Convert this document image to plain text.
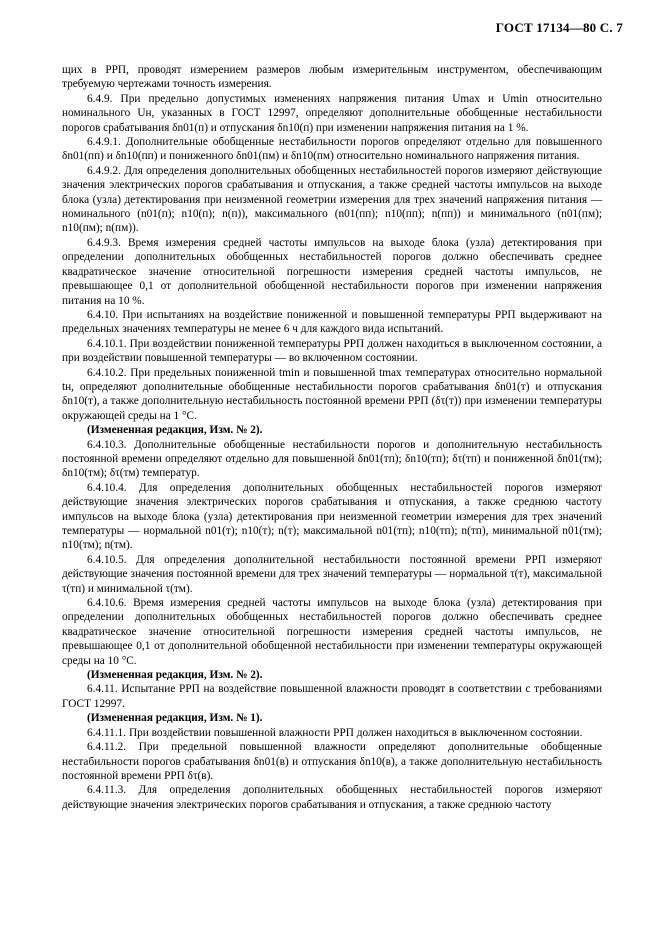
ГОСТ 17134—80 С. 7

щих в РРП, проводят измерением размеров любым измерительным инструментом, обеспечивающим требуемую чертежами точность измерения.

6.4.9. При предельно допустимых изменениях напряжения питания Umax и Umin относительно номинального Uн, указанных в ГОСТ 12997, определяют дополнительные обобщенные нестабильности порогов срабатывания δn01(п) и отпускания δn10(п) при изменении напряжения питания на 1 %.

6.4.9.1. Дополнительные обобщенные нестабильности порогов определяют отдельно для повышенного δn01(пп) и δn10(пп) и пониженного δn01(пм) и δn10(пм) относительно номинального напряжения питания.

6.4.9.2. Для определения дополнительных обобщенных нестабильностей порогов измеряют действующие значения электрических порогов срабатывания и отпускания, а также средней частоты импульсов на выходе блока (узла) детектирования при неизменной геометрии измерения для трех значений напряжения питания — номинального (n01(п); n10(п); n(п)), максимального (n01(пп); n10(пп); n(пп)) и минимального (n01(пм); n10(пм); n(пм)).

6.4.9.3. Время измерения средней частоты импульсов на выходе блока (узла) детектирования при определении дополнительных обобщенных нестабильностей порогов должно обеспечивать среднее квадратическое значение относительной погрешности измерения средней частоты импульсов, не превышающее 0,1 от дополнительной обобщенной нестабильности порогов при изменении напряжения питания на 10 %.

6.4.10. При испытаниях на воздействие пониженной и повышенной температуры РРП выдерживают на предельных значениях температуры не менее 6 ч для каждого вида испытаний.

6.4.10.1. При воздействии пониженной температуры РРП должен находиться в выключенном состоянии, а при воздействии повышенной температуры — во включенном состоянии.

6.4.10.2. При предельных пониженной tmin и повышенной tmax температурах относительно нормальной tн, определяют дополнительные обобщенные нестабильности порогов срабатывания δn01(т) и отпускания δn10(т), а также дополнительную нестабильность постоянной времени РРП (δτ(т)) при изменении температуры окружающей среды на 1 °С.

(Измененная редакция, Изм. № 2).

6.4.10.3. Дополнительные обобщенные нестабильности порогов и дополнительную нестабильность постоянной времени определяют отдельно для повышенной δn01(тп); δn10(тп); δτ(тп) и пониженной δn01(тм); δn10(тм); δτ(тм) температур.

6.4.10.4. Для определения дополнительных обобщенных нестабильностей порогов измеряют действующие значения электрических порогов срабатывания и отпускания, а также среднюю частоту импульсов на выходе блока (узла) детектирования при неизменной геометрии измерения для трех значений температуры — нормальной n01(т); n10(т); n(т); максимальной n01(тп); n10(тп); n(тп), минимальной n01(тм); n10(тм); n(тм).

6.4.10.5. Для определения дополнительной нестабильности постоянной времени РРП измеряют действующие значения постоянной времени для трех значений температуры — нормальной τ(т), максимальной τ(тп) и минимальной τ(тм).

6.4.10.6. Время измерения средней частоты импульсов на выходе блока (узла) детектирования при определении дополнительных обобщенных нестабильностей порогов должно обеспечивать среднее квадратическое значение относительной погрешности измерения средней частоты импульсов, не превышающее 0,1 от дополнительной обобщенной нестабильности при изменении температуры окружающей среды на 10 °С.

(Измененная редакция, Изм. № 2).

6.4.11. Испытание РРП на воздействие повышенной влажности проводят в соответствии с требованиями ГОСТ 12997.

(Измененная редакция, Изм. № 1).

6.4.11.1. При воздействии повышенной влажности РРП должен находиться в выключенном состоянии.

6.4.11.2. При предельной повышенной влажности определяют дополнительные обобщенные нестабильности порогов срабатывания δn01(в) и отпускания δn10(в), а также дополнительную нестабильность постоянной времени РРП δτ(в).

6.4.11.3. Для определения дополнительных обобщенных нестабильностей порогов измеряют действующие значения электрических порогов срабатывания и отпускания, а также среднюю частоту
